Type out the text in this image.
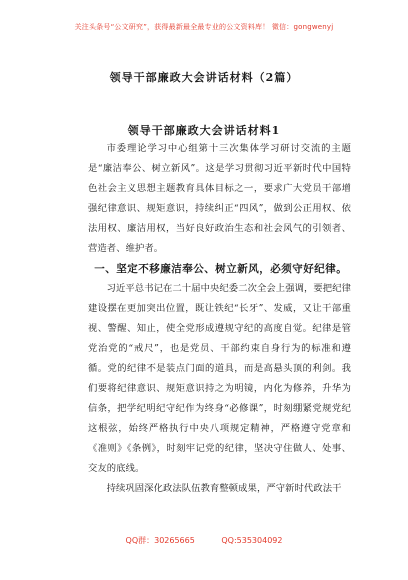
关注头条号“公文研究”，获得最新最全最专业的公文资料库！ 微信：gongwenyj
领导干部廉政大会讲话材料（2篇）
领导干部廉政大会讲话材料1

市委理论学习中心组第十三次集体学习研讨交流的主题是“廉洁奉公、树立新风”。这是学习贯彻习近平新时代中国特色社会主义思想主题教育具体目标之一，要求广大党员干部增强纪律意识、规矩意识，持续纠正“四风”，做到公正用权、依法用权、廉洁用权，当好良好政治生态和社会风气的引领者、营造者、维护者。

一、坚定不移廉洁奉公、树立新风，必须守好纪律。

习近平总书记在二十届中央纪委二次全会上强调，要把纪律建设摆在更加突出位置，既让铁纪“长牙”、发威，又让干部重视、警醒、知止，使全党形成遵规守纪的高度自觉。纪律是管党治党的“戒尺”，也是党员、干部约束自身行为的标准和遵循。党的纪律不是装点门面的道具，而是高悬头顶的利剑。我们要将纪律意识、规矩意识持之为明镜，内化为修养，升华为信条，把学纪明纪守纪作为终身“必修课”，时刻绷紧党规党纪这根弦，始终严格执行中央八项规定精神，严格遵守党章和《准则》《条例》，时刻牢记党的纪律，坚决守住做人、处事、交友的底线。

持续巩固深化政法队伍教育整顿成果，严守新时代政法干

QQ群：30265665	QQ:535304092
